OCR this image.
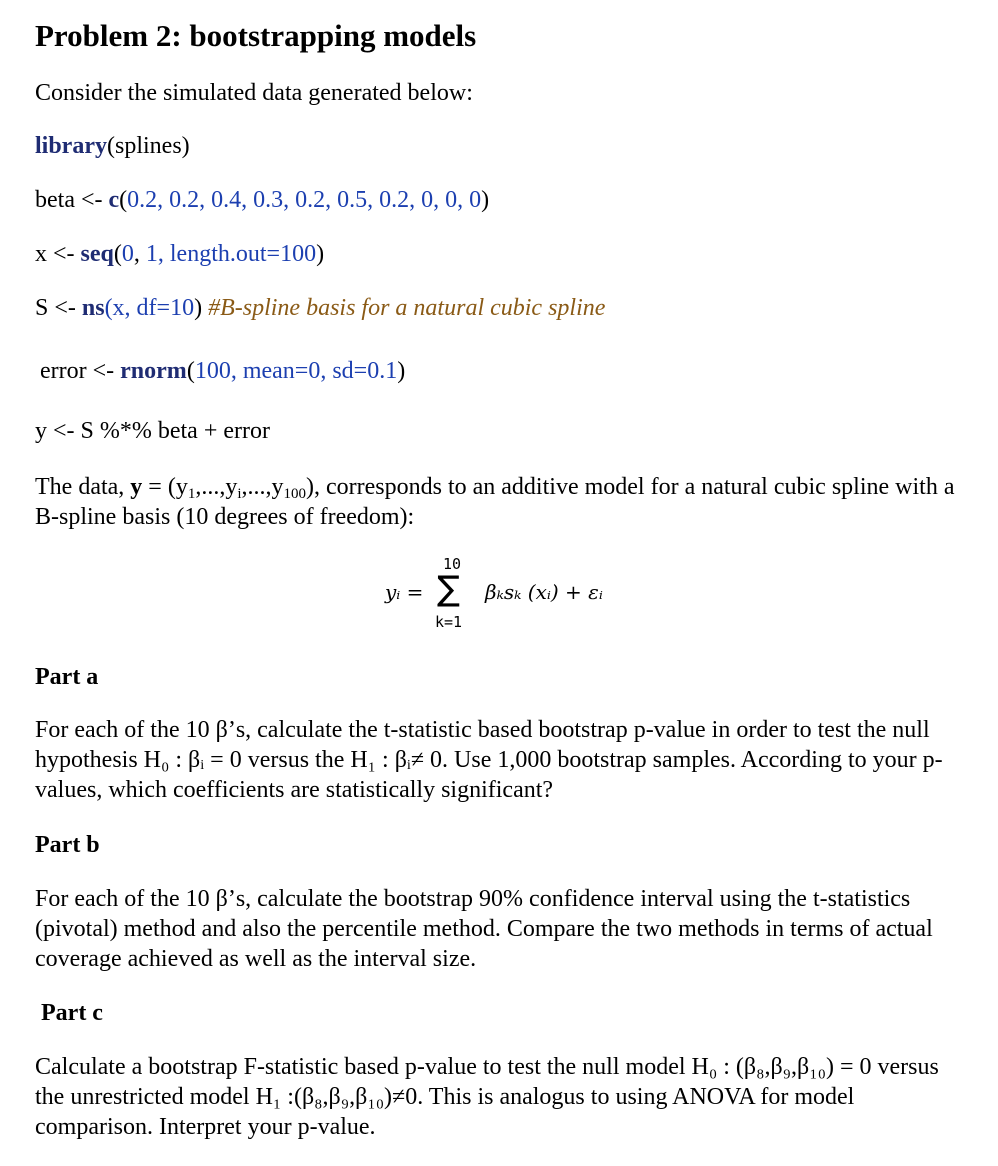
Problem 2: bootstrapping models
Consider the simulated data generated below:
library(splines)
beta <- c(0.2, 0.2, 0.4, 0.3, 0.2, 0.5, 0.2, 0, 0, 0)
x <- seq(0, 1, length.out=100)
S <- ns(x, df=10) #B-spline basis for a natural cubic spline
error <- rnorm(100, mean=0, sd=0.1)
y <- S %*% beta + error
The data, $y = (y_1,...,y_i,...,y_{100})$, corresponds to an additive model for a natural cubic spline with a B-spline basis (10 degrees of freedom):
yᵢ =
10
∑
k=1
βₖsₖ (xᵢ) + εᵢ
Part a
For each of the 10 β’s, calculate the t-statistic based bootstrap p-value in order to test the null hypothesis H₀ : βᵢ = 0 versus the H₁ : βᵢ≠ 0. Use 1,000 bootstrap samples. According to your p-values, which coefficients are statistically significant?
Part b
For each of the 10 β’s, calculate the bootstrap 90% confidence interval using the t-statistics (pivotal) method and also the percentile method. Compare the two methods in terms of actual coverage achieved as well as the interval size.
Part c
Calculate a bootstrap F-statistic based p-value to test the null model H₀ : (β₈,β₉,β₁₀) = 0 versus the unrestricted model H₁ :(β₈,β₉,β₁₀)≠0. This is analogus to using ANOVA for model comparison. Interpret your p-value.
